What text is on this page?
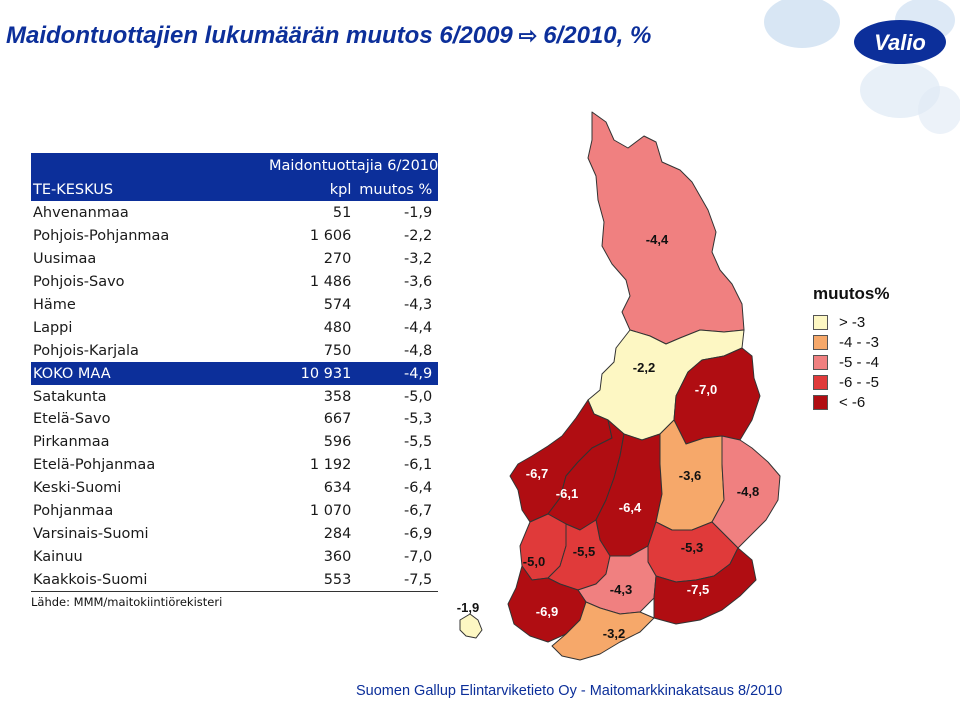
Valio
Maidontuottajien lukumäärän muutos 6/2009 ⇨ 6/2010, %
	Maidontuottajia 6/2010	
TE-KESKUS	kpl	muutos %
Ahvenanmaa	51	-1,9
Pohjois-Pohjanmaa	1 606	-2,2
Uusimaa	270	-3,2
Pohjois-Savo	1 486	-3,6
Häme	574	-4,3
Lappi	480	-4,4
Pohjois-Karjala	750	-4,8
KOKO MAA	10 931	-4,9
Satakunta	358	-5,0
Etelä-Savo	667	-5,3
Pirkanmaa	596	-5,5
Etelä-Pohjanmaa	1 192	-6,1
Keski-Suomi	634	-6,4
Pohjanmaa	1 070	-6,7
Varsinais-Suomi	284	-6,9
Kainuu	360	-7,0
Kaakkois-Suomi	553	-7,5
Lähde: MMM/maitokiintiörekisteri
-4,4
-2,2
-7,0
-6,7
-6,1
-6,4
-3,6
-4,8
-5,0
-5,5	-5,3
-4,3	-7,5
-6,9
-3,2
-1,9
muutos%
> -3
-4 - -3
-5 - -4
-6 - -5
< -6
Suomen Gallup Elintarviketieto Oy - Maitomarkkinakatsaus 8/2010
